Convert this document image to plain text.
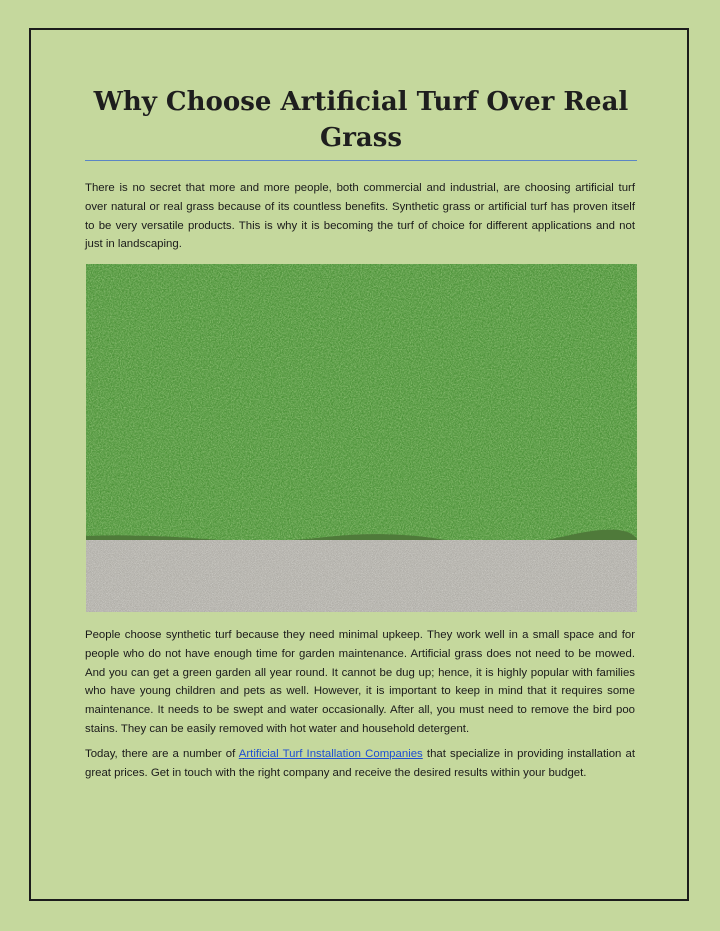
Why Choose Artificial Turf Over Real Grass

There is no secret that more and more people, both commercial and industrial, are choosing artificial turf over natural or real grass because of its countless benefits. Synthetic grass or artificial turf has proven itself to be very versatile products. This is why it is becoming the turf of choice for different applications and not just in landscaping.

People choose synthetic turf because they need minimal upkeep. They work well in a small space and for people who do not have enough time for garden maintenance. Artificial grass does not need to be mowed. And you can get a green garden all year round. It cannot be dug up; hence, it is highly popular with families who have young children and pets as well. However, it is important to keep in mind that it requires some maintenance. It needs to be swept and water occasionally. After all, you must need to remove the bird poo stains. They can be easily removed with hot water and household detergent.

Today, there are a number of Artificial Turf Installation Companies that specialize in providing installation at great prices. Get in touch with the right company and receive the desired results within your budget.
